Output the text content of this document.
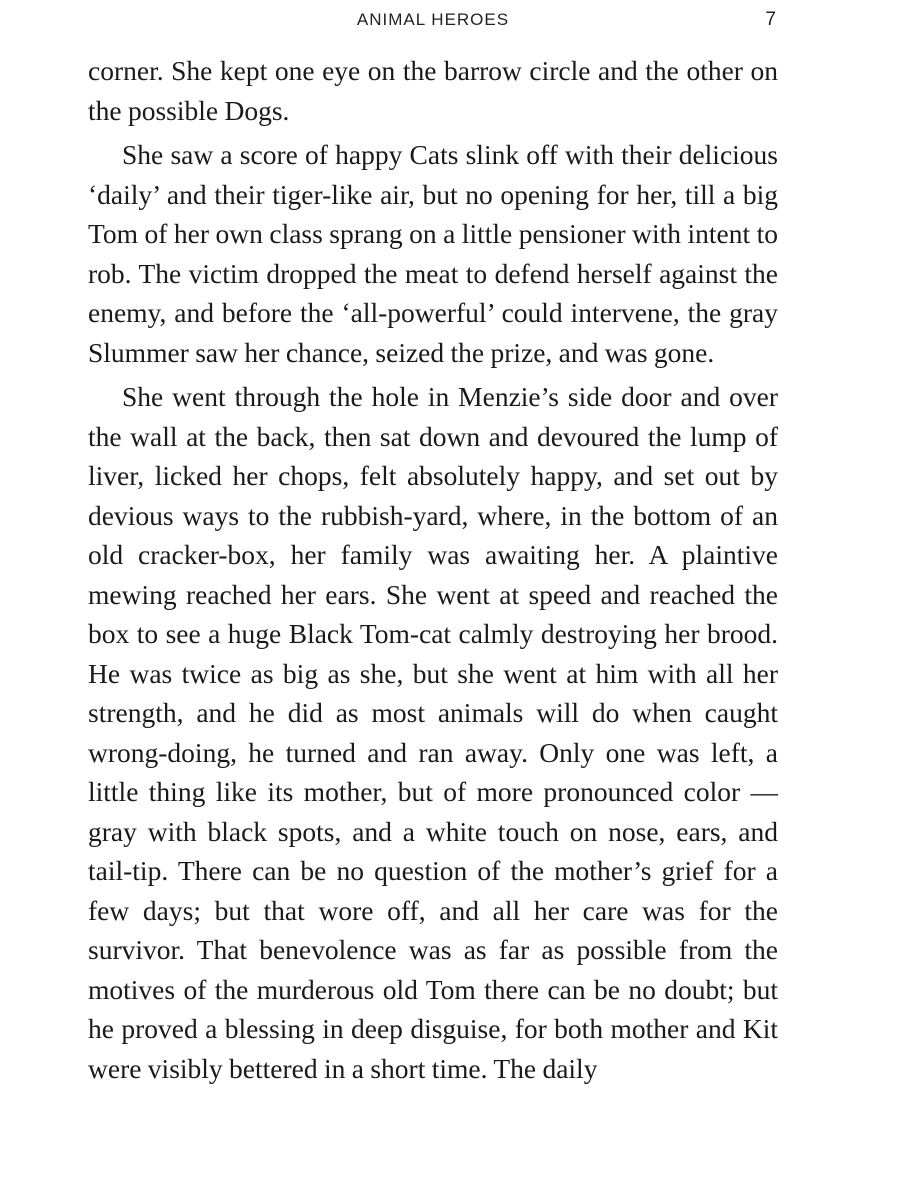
ANIMAL HEROES	7

corner. She kept one eye on the barrow circle and the other on the possible Dogs.

She saw a score of happy Cats slink off with their delicious ‘daily’ and their tiger-like air, but no opening for her, till a big Tom of her own class sprang on a little pensioner with intent to rob. The victim dropped the meat to defend herself against the enemy, and before the ‘all-powerful’ could intervene, the gray Slummer saw her chance, seized the prize, and was gone.

She went through the hole in Menzie’s side door and over the wall at the back, then sat down and devoured the lump of liver, licked her chops, felt absolutely happy, and set out by devious ways to the rubbish-yard, where, in the bottom of an old cracker-box, her family was awaiting her. A plaintive mewing reached her ears. She went at speed and reached the box to see a huge Black Tom-cat calmly destroying her brood. He was twice as big as she, but she went at him with all her strength, and he did as most animals will do when caught wrong-doing, he turned and ran away. Only one was left, a little thing like its mother, but of more pronounced color — gray with black spots, and a white touch on nose, ears, and tail-tip. There can be no question of the mother’s grief for a few days; but that wore off, and all her care was for the survivor. That benevolence was as far as possible from the motives of the murderous old Tom there can be no doubt; but he proved a blessing in deep disguise, for both mother and Kit were visibly bettered in a short time. The daily
